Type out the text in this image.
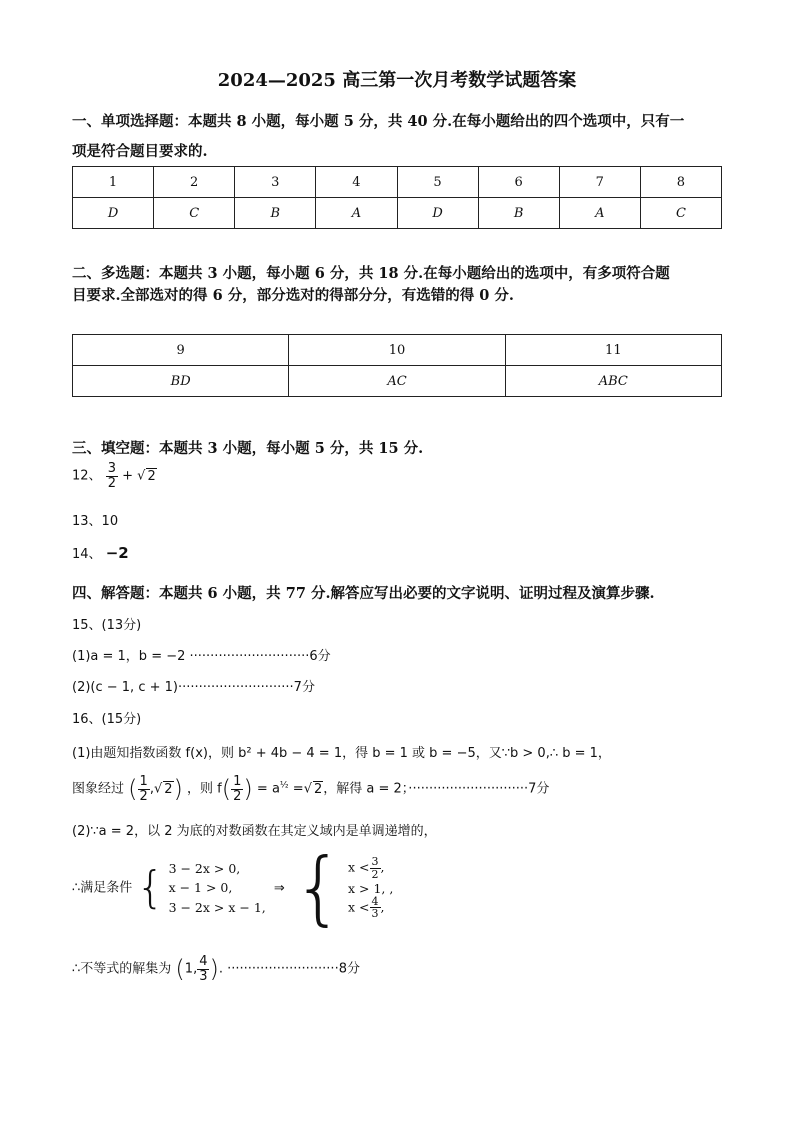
2024—2025 高三第一次月考数学试题答案
一、单项选择题：本题共 8 小题，每小题 5 分，共 40 分.在每小题给出的四个选项中，只有一
项是符合题目要求的.
1	2	3	4	5	6	7	8
D	C	B	A	D	B	A	C
二、多选题：本题共 3 小题，每小题 6 分，共 18 分.在每小题给出的选项中，有多项符合题
目要求.全部选对的得 6 分，部分选对的得部分分，有选错的得 0 分.
9	10	11
BD	AC	ABC
三、填空题：本题共 3 小题，每小题 5 分，共 15 分.
12、 $\frac{3}{2}$ + √ 2
13、10
14、 −2
四、解答题：本题共 6 小题，共 77 分.解答应写出必要的文字说明、证明过程及演算步骤.
15、(13分)
(1)a = 1，b = −2 ·····························6分
(2)(c − 1, c + 1)····························7分
16、(15分)
(1)由题知指数函数 f(x)，则 b² + 4b − 4 = 1，得 b = 1 或 b = −5，又∵b > 0,∴ b = 1，
图象经过 ( $\frac{1}{2}$ ,√ 2) ，则 $f( \frac{1}{2}$ ) = $a^{\frac{1}{2}}$ =√ 2，解得 a = 2；·····························7分
(2)∵a = 2，以 2 为底的对数函数在其定义域内是单调递增的，
∴满足条件 { 3 − 2x > 0,
x − 1 > 0,
3 − 2x > x − 1,
⇒ { $x < \frac{3}{2}$ ,
x > 1, ,
$x < \frac{4}{3}$ ,
∴不等式的解集为 (1, $\frac{4}{3}$ ). ···························8分
